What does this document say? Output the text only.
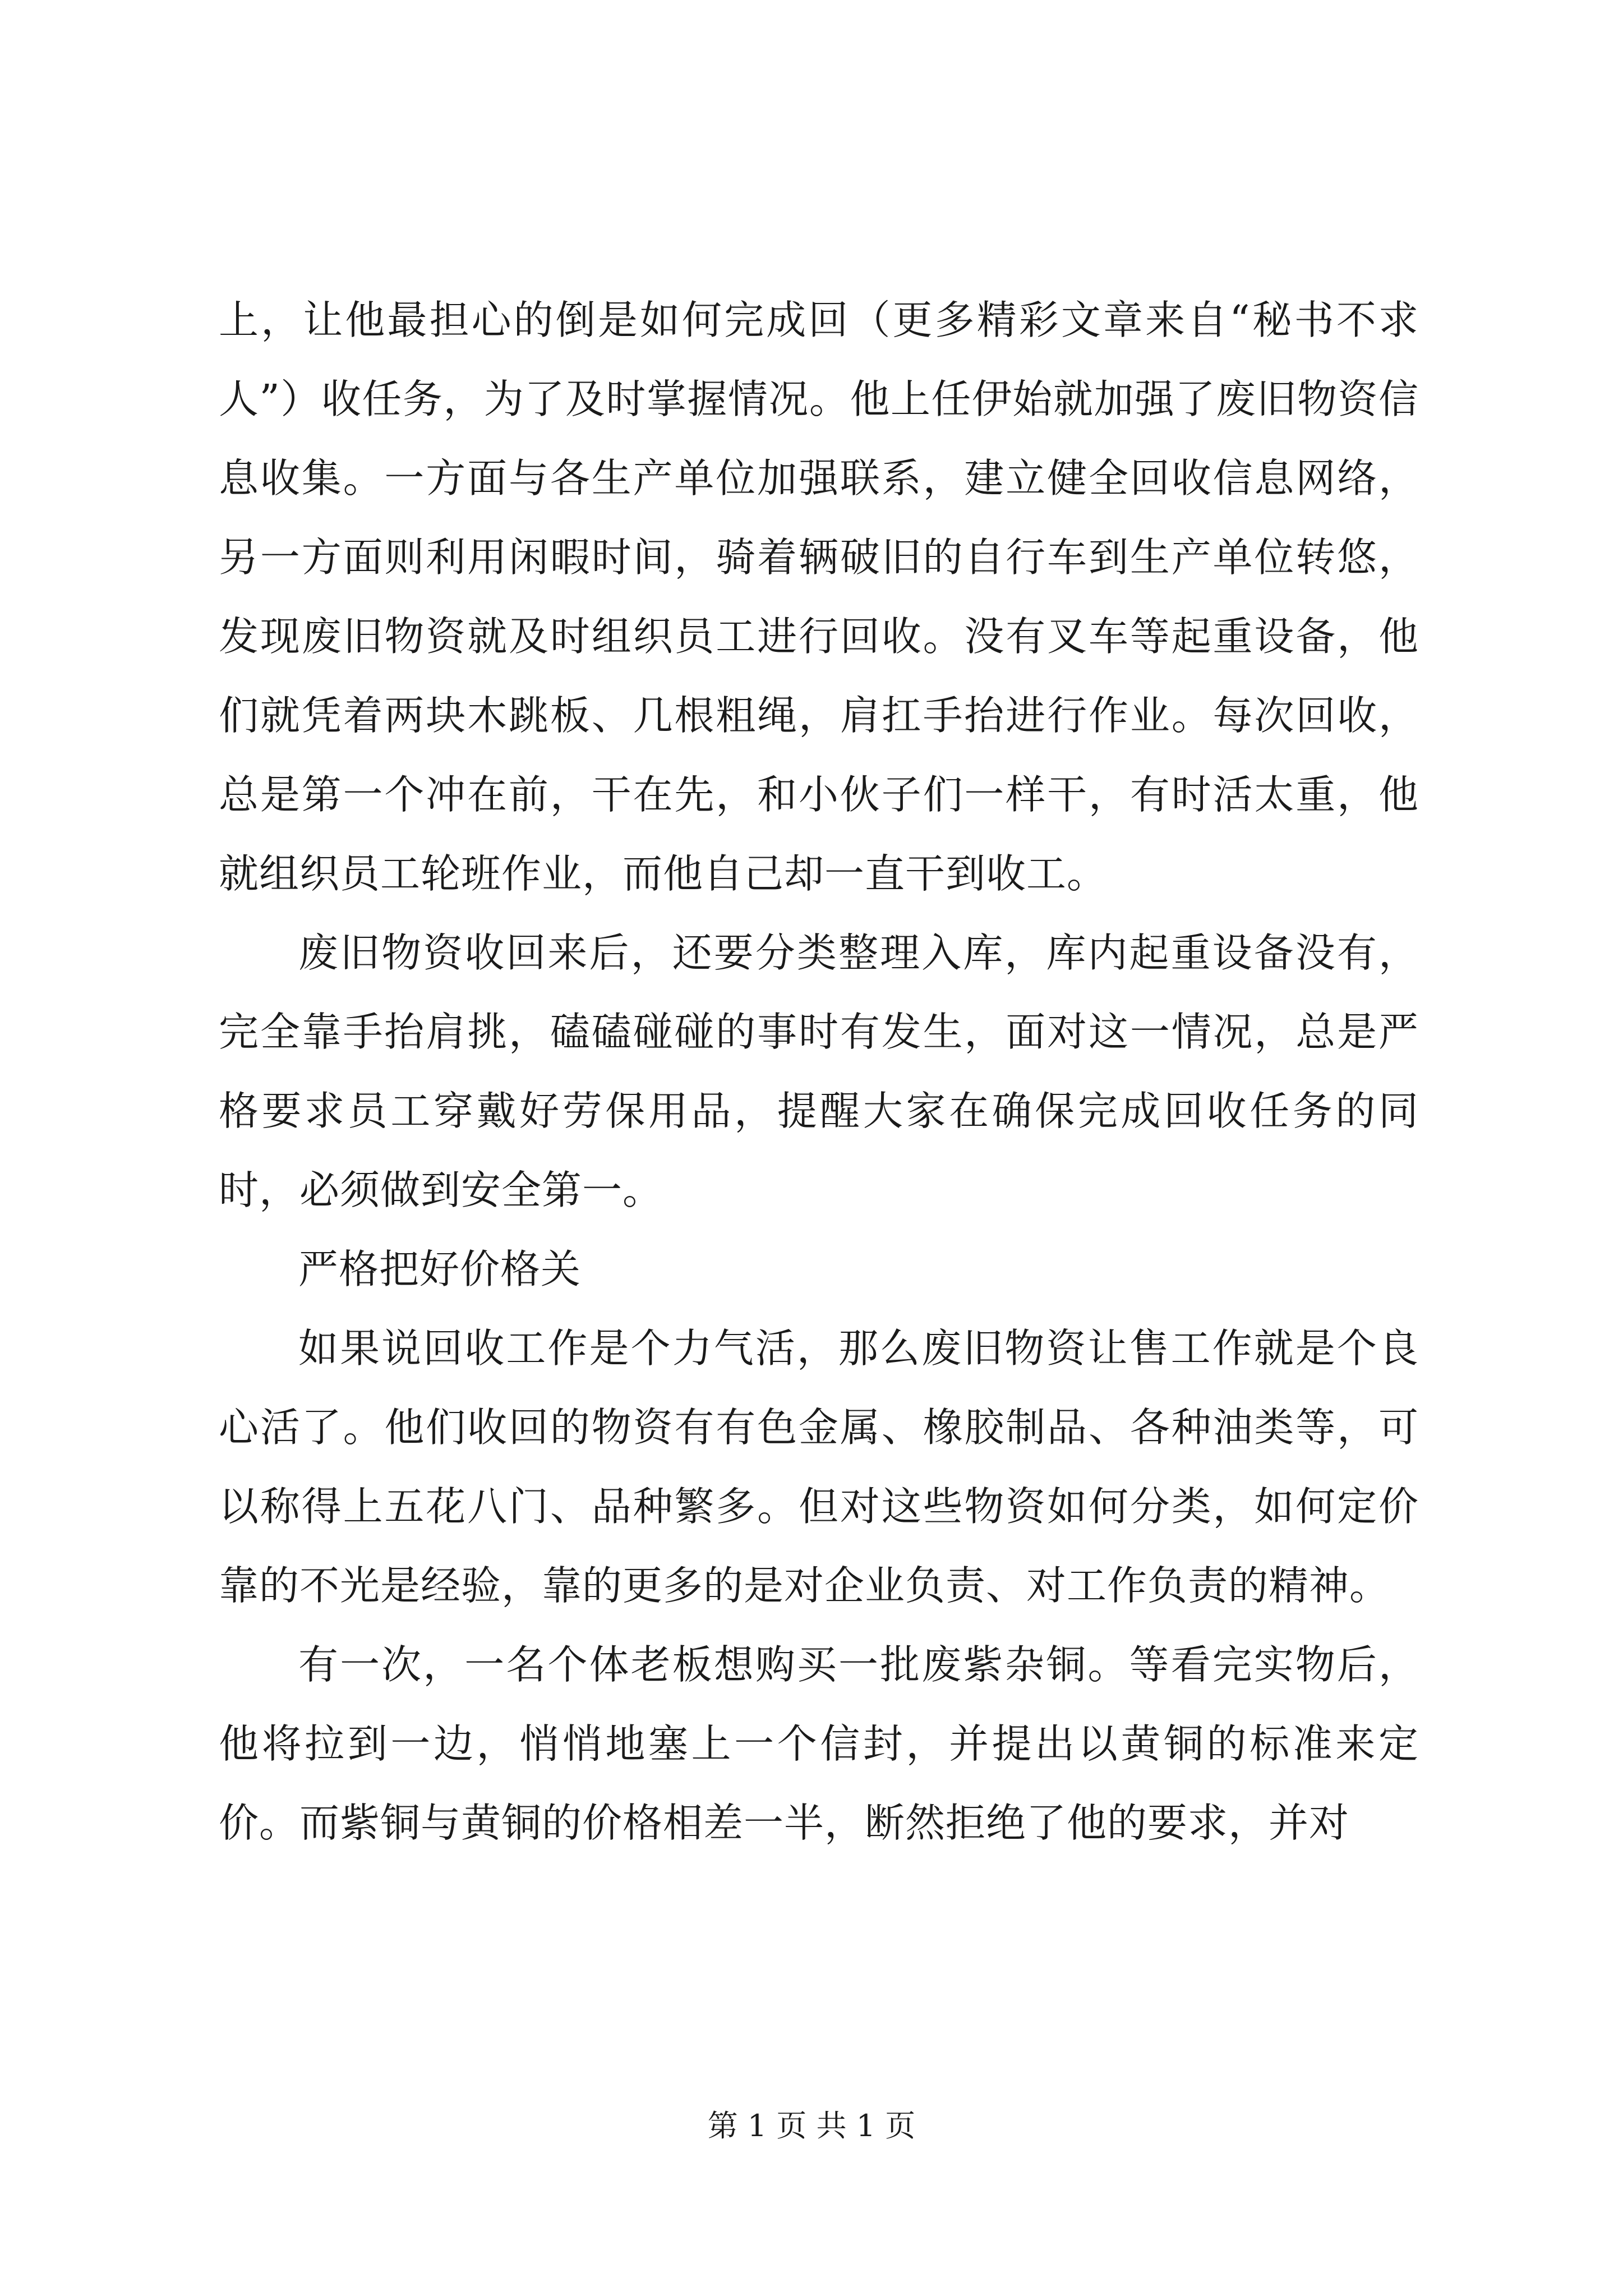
上，让他最担心的倒是如何完成回（更多精彩文章来自“秘书不求人”）收任务，为了及时掌握情况。他上任伊始就加强了废旧物资信息收集。一方面与各生产单位加强联系，建立健全回收信息网络，另一方面则利用闲暇时间，骑着辆破旧的自行车到生产单位转悠，发现废旧物资就及时组织员工进行回收。没有叉车等起重设备，他们就凭着两块木跳板、几根粗绳，肩扛手抬进行作业。每次回收，总是第一个冲在前，干在先，和小伙子们一样干，有时活太重，他就组织员工轮班作业，而他自己却一直干到收工。

废旧物资收回来后，还要分类整理入库，库内起重设备没有，完全靠手抬肩挑，磕磕碰碰的事时有发生，面对这一情况，总是严格要求员工穿戴好劳保用品，提醒大家在确保完成回收任务的同时，必须做到安全第一。

严格把好价格关

如果说回收工作是个力气活，那么废旧物资让售工作就是个良心活了。他们收回的物资有有色金属、橡胶制品、各种油类等，可以称得上五花八门、品种繁多。但对这些物资如何分类，如何定价靠的不光是经验，靠的更多的是对企业负责、对工作负责的精神。

有一次，一名个体老板想购买一批废紫杂铜。等看完实物后，他将拉到一边，悄悄地塞上一个信封，并提出以黄铜的标准来定价。而紫铜与黄铜的价格相差一半，断然拒绝了他的要求，并对

第 1 页 共 1 页
